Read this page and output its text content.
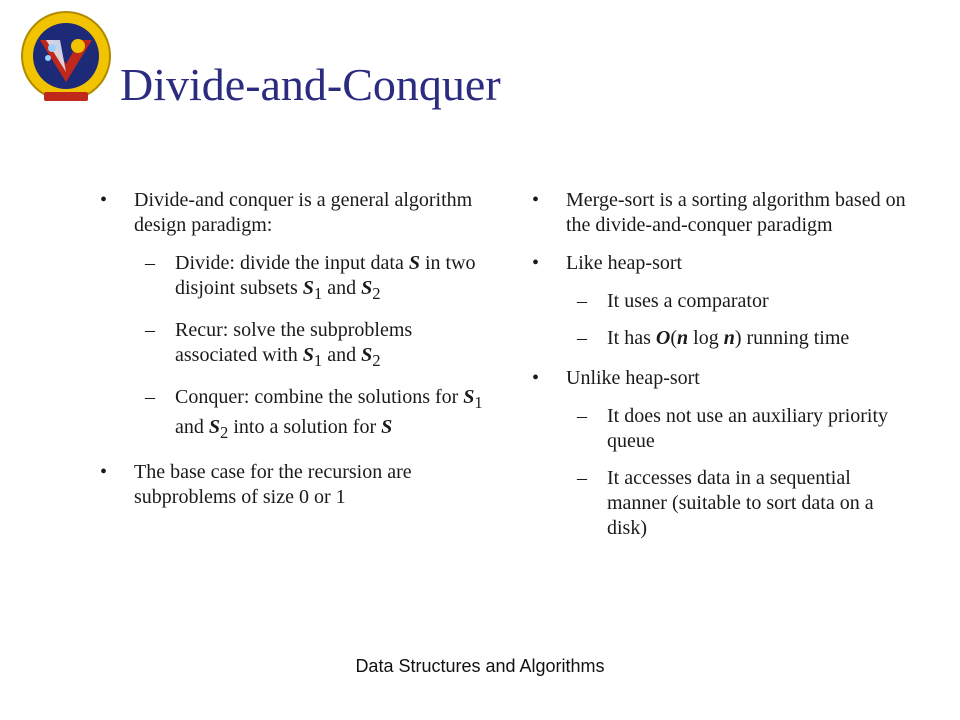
Divide-and-Conquer
• Divide-and conquer is a general algorithm design paradigm:
– Divide: divide the input data S in two disjoint subsets $S_1$ and $S_2$
– Recur: solve the subproblems associated with $S_1$ and $S_2$
– Conquer: combine the solutions for $S_1$ and $S_2$ into a solution for S
• The base case for the recursion are subproblems of size 0 or 1
• Merge-sort is a sorting algorithm based on the divide-and-conquer paradigm
• Like heap-sort
– It uses a comparator
– It has O(n log n) running time
• Unlike heap-sort
– It does not use an auxiliary priority queue
– It accesses data in a sequential manner (suitable to sort data on a disk)
Data Structures and Algorithms
